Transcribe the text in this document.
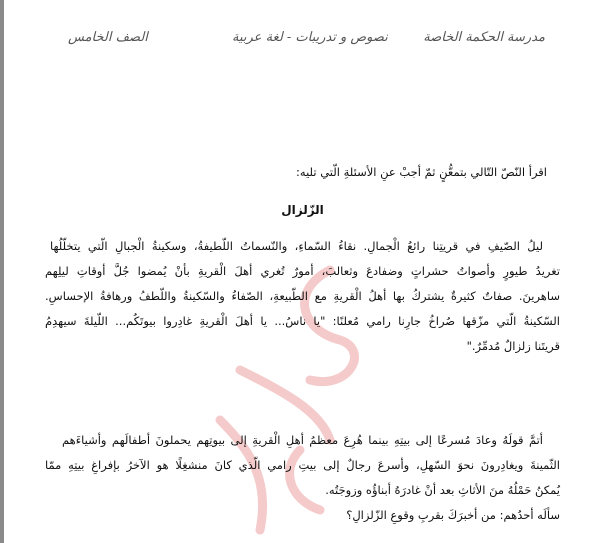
مدرسة الحكمة الخاصة
نصوص و تدريبات - لغة عربية
الصف الخامس
اقرأ النّصّ التّالي بتمعُّنٍ ثمّ أجبْ عنِ الأسئلةِ الّتي تليه:
الزّلزال
ليلُ الصّيفِ في قريتِنا رائعُ الْجمالِ. نقاءُ السّماءِ، والنّسماتُ اللّطيفةُ، وسكينةُ الْجبالِ الّتي يتخلّلُها
تغريدُ طيورٍ وأصواتُ حشراتٍ وضفادعَ وثعالبَ، أمورٌ تُغري أهلَ الْقريةِ بأنْ يُمضوا جُلَّ أوقاتِ ليلِهم
ساهرينَ. صفاتٌ كثيرةٌ يشتركُ بها أهلُ الْقريةِ مع الطّبيعةِ، الصّفاءُ والسّكينةُ واللّطفُ ورهافةُ الإحساسِ.
السّكينةُ الّتي مزّقها صُراخُ جارِنا رامي مُعلنًا: "يا ناسُ... يا أهلَ الْقريةِ غادِروا بيوتَكُم... اللّيلةَ سيهدِمُ
قريتَنا زلزالٌ مُدمِّرٌ."
أتمَّ قولَهُ وعادَ مُسرعًا إلى بيتِهِ بينما هُرِعَ معظمُ أهلِ الْقريةِ إلى بيوتِهم يحملونَ أطفالَهم وأشياءَهم
الثّمينةَ ويغادِرونَ نحوَ السّهلِ، وأسرعَ رجالٌ إلى بيتِ رامي الّذي كانَ منشغِلًا هو الآخرُ بإفراغِ بيتِهِ ممّا
يُمكنُ حَمْلُهُ منَ الأثاثِ بعد أنْ غادرَهُ أبناؤُه وزوجَتُه.
سألَه أحدُهم: من أخبرَكَ بقربِ وقوعِ الزّلزالِ؟
